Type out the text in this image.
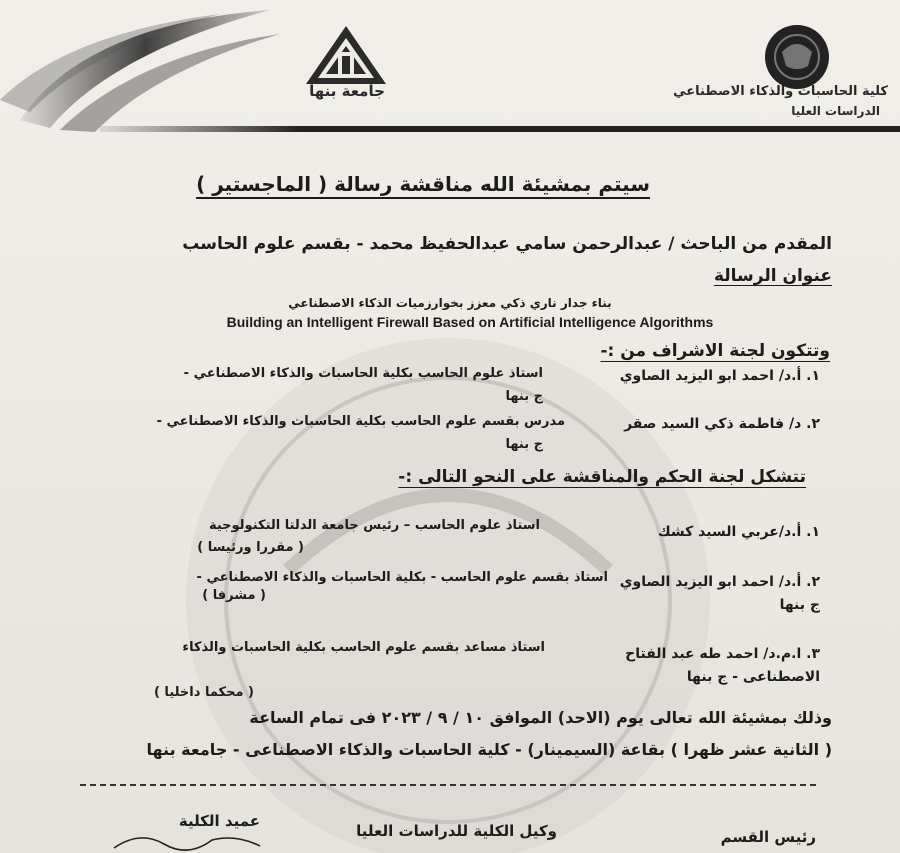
جامعة بنها	كلية الحاسبات والذكاء الاصطناعي
الدراسات العليا
سيتم بمشيئة الله مناقشة رسالة ( الماجستير )
المقدم من الباحث / عبدالرحمن سامي عبدالحفيظ محمد - بقسم علوم الحاسب
عنوان الرسالة
بناء جدار ناري ذكي معزز بخوارزميات الذكاء الاصطناعي
Building an Intelligent Firewall Based on Artificial Intelligence Algorithms
وتتكون لجنة الاشراف من :-
١. أ.د/ احمد ابو اليزيد الصاوي
استاذ علوم الحاسب بكلية الحاسبات والذكاء الاصطناعي -
ج بنها
٢. د/ فاطمة ذكي السيد صقر
مدرس بقسم علوم الحاسب بكلية الحاسبات والذكاء الاصطناعي -
ج بنها
تتشكل لجنة الحكم والمناقشة على النحو التالى :-
١. أ.د/عربي السيد كشك
استاذ علوم الحاسب – رئيس جامعة الدلتا التكنولوجية
( مقررا ورئيسا )
٢. أ.د/ احمد ابو اليزيد الصاوي
ج بنها
استاذ بقسم علوم الحاسب - بكلية الحاسبات والذكاء الاصطناعي -
( مشرفا )
٣. ا.م.د/ احمد طه عبد الفتاح
الاصطناعى - ج بنها
استاذ مساعد بقسم علوم الحاسب بكلية الحاسبات والذكاء
( محكما داخليا )
وذلك بمشيئة الله تعالى يوم (الاحد) الموافق ١٠ / ٩ / ٢٠٢٣ فى تمام الساعة
( الثانية عشر ظهرا ) بقاعة (السيمينار) - كلية الحاسبات والذكاء الاصطناعى - جامعة بنها
رئيس القسم
وكيل الكلية للدراسات العليا
عميد الكلية
